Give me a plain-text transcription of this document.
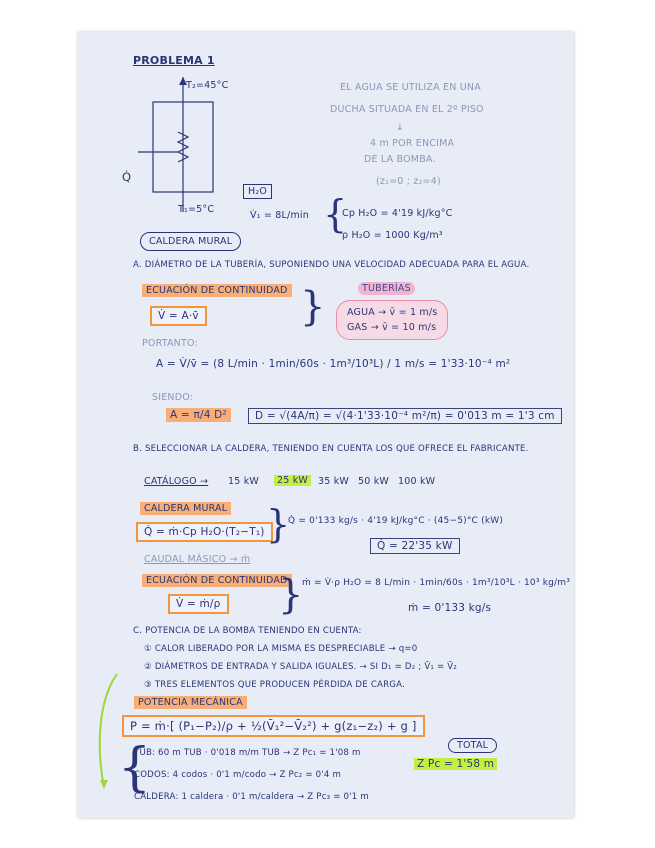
PROBLEMA 1
T₂=45°C
Q̇
T₁=5°C
H₂O
V̇₁ = 8L/min
CALDERA MURAL
EL AGUA SE UTILIZA EN UNA
DUCHA SITUADA EN EL 2º PISO
↓
4 m POR ENCIMA
DE LA BOMBA.
(z₁=0 ; z₂=4)
{
Cp H₂O = 4'19 kJ/kg°C
ρ H₂O = 1000 Kg/m³
A. DIÁMETRO DE LA TUBERÍA, SUPONIENDO UNA VELOCIDAD ADECUADA PARA EL AGUA.
ECUACIÓN DE CONTINUIDAD
V̇ = A·v̄	}	TUBERÍAS
AGUA → v̄ = 1 m/s
GAS → v̄ = 10 m/s
PORTANTO:
A = V̇/v̄ = (8 L/min · 1min/60s · 1m³/10³L) / 1 m/s = 1'33·10⁻⁴ m²
SIENDO:
A = π/4 D²	D = √(4A/π) = √(4·1'33·10⁻⁴ m²/π) = 0'013 m = 1'3 cm
B. SELECCIONAR LA CALDERA, TENIENDO EN CUENTA LOS QUE OFRECE EL FABRICANTE.
CATÁLOGO → 15 kW	25 kW	35 kW 50 kW 100 kW
CALDERA MURAL
Q̇ = ṁ·Cp H₂O·(T₂−T₁) }
Q̇ = 0'133 kg/s · 4'19 kJ/kg°C · (45−5)°C (kW)
Q̇ = 22'35 kW
CAUDAL MÁSICO → ṁ
ECUACIÓN DE CONTINUIDAD
V̇ = ṁ/ρ }
ṁ = V̇·ρ H₂O = 8 L/min · 1min/60s · 1m³/10³L · 10³ kg/m³
ṁ = 0'133 kg/s
C. POTENCIA DE LA BOMBA TENIENDO EN CUENTA:
① CALOR LIBERADO POR LA MISMA ES DESPRECIABLE → q=0
② DIÁMETROS DE ENTRADA Y SALIDA IGUALES. → SI D₁ = D₂ ; V̄₁ = V̄₂
③ TRES ELEMENTOS QUE PRODUCEN PÉRDIDA DE CARGA.
POTENCIA MECÁNICA
P = ṁ·[ (P₁−P₂)/ρ + ½(V̄₁²−V̄₂²) + g(z₁−z₂) + g ]
{
TUB: 60 m TUB · 0'018 m/m TUB → Z Pc₁ = 1'08 m
CODOS: 4 codos · 0'1 m/codo → Z Pc₂ = 0'4 m
CALDERA: 1 caldera · 0'1 m/caldera → Z Pc₃ = 0'1 m
TOTAL
Z Pc = 1'58 m
